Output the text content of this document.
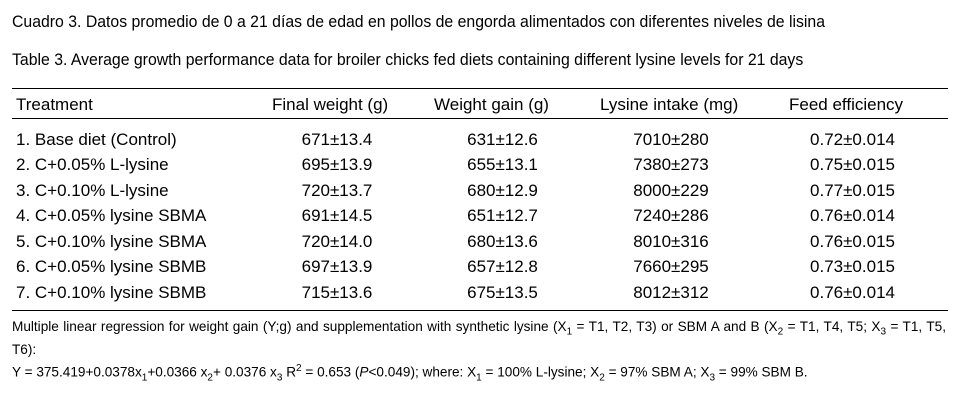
Cuadro 3. Datos promedio de 0 a 21 días de edad en pollos de engorda alimentados con diferentes niveles de lisina
Table 3. Average growth performance data for broiler chicks fed diets containing different lysine levels for 21 days
Treatment	Final weight (g)	Weight gain (g)	Lysine intake (mg)	Feed efficiency
1. Base diet (Control)	671±13.4	631±12.6	7010±280	0.72±0.014
2. C+0.05% L-lysine	695±13.9	655±13.1	7380±273	0.75±0.015
3. C+0.10% L-lysine	720±13.7	680±12.9	8000±229	0.77±0.015
4. C+0.05% lysine SBMA	691±14.5	651±12.7	7240±286	0.76±0.014
5. C+0.10% lysine SBMA	720±14.0	680±13.6	8010±316	0.76±0.015
6. C+0.05% lysine SBMB	697±13.9	657±12.8	7660±295	0.73±0.015
7. C+0.10% lysine SBMB	715±13.6	675±13.5	8012±312	0.76±0.014
Multiple linear regression for weight gain (Y;g) and supplementation with synthetic lysine ($X_1 = T1$, T2, T3) or SBM A and B ($X_2 = T1$, T4, T5; $X_3 = T1$, T5, T6):
$Y = 375.419+0.0378x_1+0.0366$ $x_2+ 0.0376$ $x_3$ $R^2 = 0.653$ (P<0.049); where: $X_1 = 100\%$ L-lysine; $X_2 = 97\%$ SBM A; $X_3 = 99\%$ SBM B.
